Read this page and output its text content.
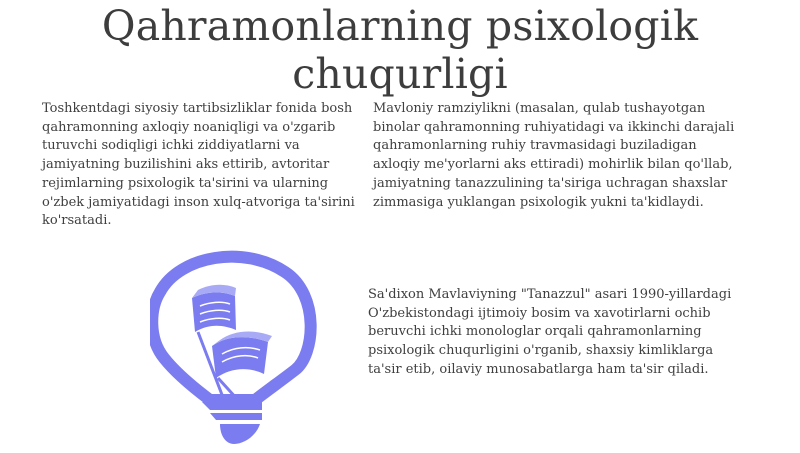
Qahramonlarning psixologik chuqurligi

Toshkentdagi siyosiy tartibsizliklar fonida bosh qahramonning axloqiy noaniqligi va o'zgarib turuvchi sodiqligi ichki ziddiyatlarni va jamiyatning buzilishini aks ettirib, avtoritar rejimlarning psixologik ta'sirini va ularning o'zbek jamiyatidagi inson xulq-atvoriga ta'sirini ko'rsatadi.

Mavloniy ramziylikni (masalan, qulab tushayotgan binolar qahramonning ruhiyatidagi va ikkinchi darajali qahramonlarning ruhiy travmasidagi buziladigan axloqiy me'yorlarni aks ettiradi) mohirlik bilan qo'llab, jamiyatning tanazzulining ta'siriga uchragan shaxslar zimmasiga yuklangan psixologik yukni ta'kidlaydi.

Sa'dixon Mavlaviyning "Tanazzul" asari 1990-yillardagi O'zbekistondagi ijtimoiy bosim va xavotirlarni ochib beruvchi ichki monologlar orqali qahramonlarning psixologik chuqurligini o'rganib, shaxsiy kimliklarga ta'sir etib, oilaviy munosabatlarga ham ta'sir qiladi.
